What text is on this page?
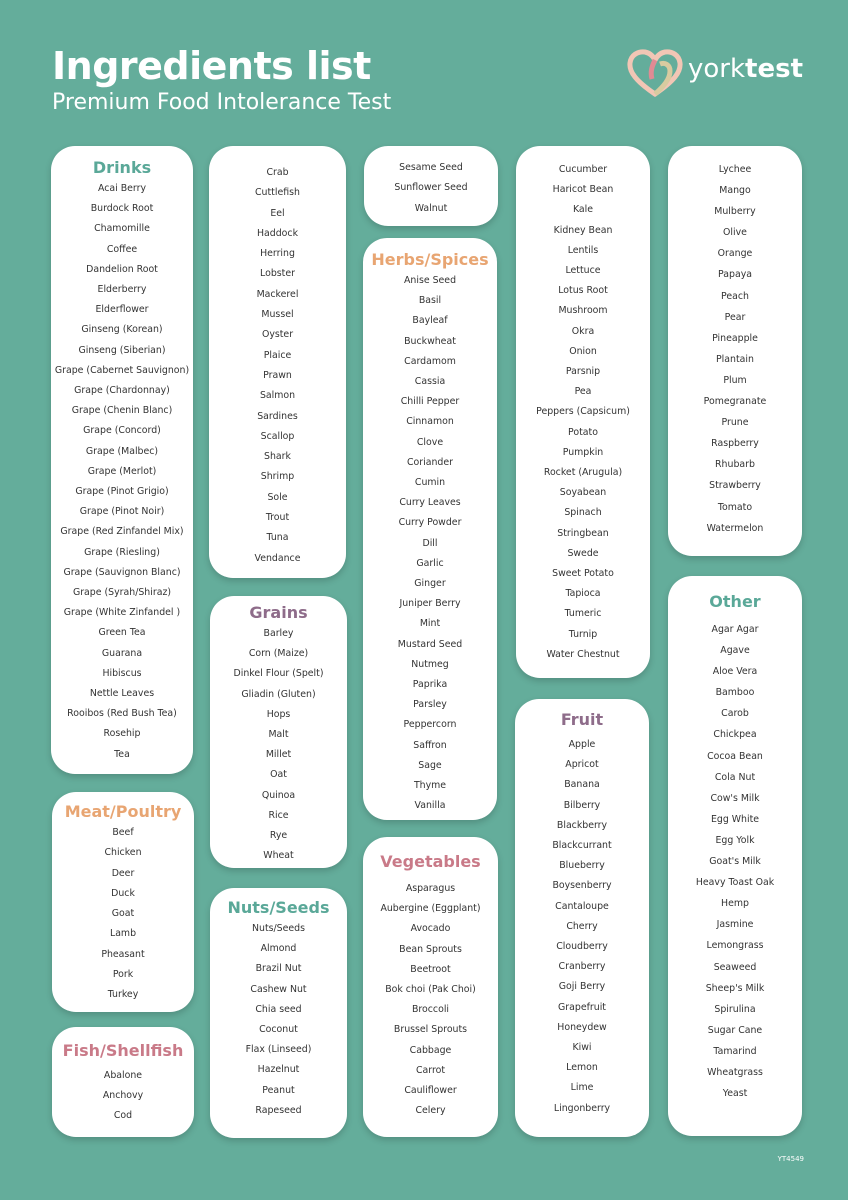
Ingredients list

Premium Food Intolerance Test

yorktest
Drinks
Acai Berry
Burdock Root
Chamomille
Coffee
Dandelion Root
Elderberry
Elderflower
Ginseng (Korean)
Ginseng (Siberian)
Grape (Cabernet Sauvignon)
Grape (Chardonnay)
Grape (Chenin Blanc)
Grape (Concord)
Grape (Malbec)
Grape (Merlot)
Grape (Pinot Grigio)
Grape (Pinot Noir)
Grape (Red Zinfandel Mix)
Grape (Riesling)
Grape (Sauvignon Blanc)
Grape (Syrah/Shiraz)
Grape (White Zinfandel )
Green Tea
Guarana
Hibiscus
Nettle Leaves
Rooibos (Red Bush Tea)
Rosehip
Tea
Meat/Poultry
Beef
Chicken
Deer
Duck
Goat
Lamb
Pheasant
Pork
Turkey
Fish/Shellfish
Abalone
Anchovy
Cod
Crab
Cuttlefish
Eel
Haddock
Herring
Lobster
Mackerel
Mussel
Oyster
Plaice
Prawn
Salmon
Sardines
Scallop
Shark
Shrimp
Sole
Trout
Tuna
Vendance
Grains
Barley
Corn (Maize)
Dinkel Flour (Spelt)
Gliadin (Gluten)
Hops
Malt
Millet
Oat
Quinoa
Rice
Rye
Wheat
Nuts/Seeds
Nuts/Seeds
Almond
Brazil Nut
Cashew Nut
Chia seed
Coconut
Flax (Linseed)
Hazelnut
Peanut
Rapeseed
Sesame Seed
Sunflower Seed
Walnut
Herbs/Spices
Anise Seed
Basil
Bayleaf
Buckwheat
Cardamom
Cassia
Chilli Pepper
Cinnamon
Clove
Coriander
Cumin
Curry Leaves
Curry Powder
Dill
Garlic
Ginger
Juniper Berry
Mint
Mustard Seed
Nutmeg
Paprika
Parsley
Peppercorn
Saffron
Sage
Thyme
Vanilla
Vegetables
Asparagus
Aubergine (Eggplant)
Avocado
Bean Sprouts
Beetroot
Bok choi (Pak Choi)
Broccoli
Brussel Sprouts
Cabbage
Carrot
Cauliflower
Celery
Cucumber
Haricot Bean
Kale
Kidney Bean
Lentils
Lettuce
Lotus Root
Mushroom
Okra
Onion
Parsnip
Pea
Peppers (Capsicum)
Potato
Pumpkin
Rocket (Arugula)
Soyabean
Spinach
Stringbean
Swede
Sweet Potato
Tapioca
Tumeric
Turnip
Water Chestnut
Fruit
Apple
Apricot
Banana
Bilberry
Blackberry
Blackcurrant
Blueberry
Boysenberry
Cantaloupe
Cherry
Cloudberry
Cranberry
Goji Berry
Grapefruit
Honeydew
Kiwi
Lemon
Lime
Lingonberry
Lychee
Mango
Mulberry
Olive
Orange
Papaya
Peach
Pear
Pineapple
Plantain
Plum
Pomegranate
Prune
Raspberry
Rhubarb
Strawberry
Tomato
Watermelon
Other
Agar Agar
Agave
Aloe Vera
Bamboo
Carob
Chickpea
Cocoa Bean
Cola Nut
Cow's Milk
Egg White
Egg Yolk
Goat's Milk
Heavy Toast Oak
Hemp
Jasmine
Lemongrass
Seaweed
Sheep's Milk
Spirulina
Sugar Cane
Tamarind
Wheatgrass
Yeast
YT4549
